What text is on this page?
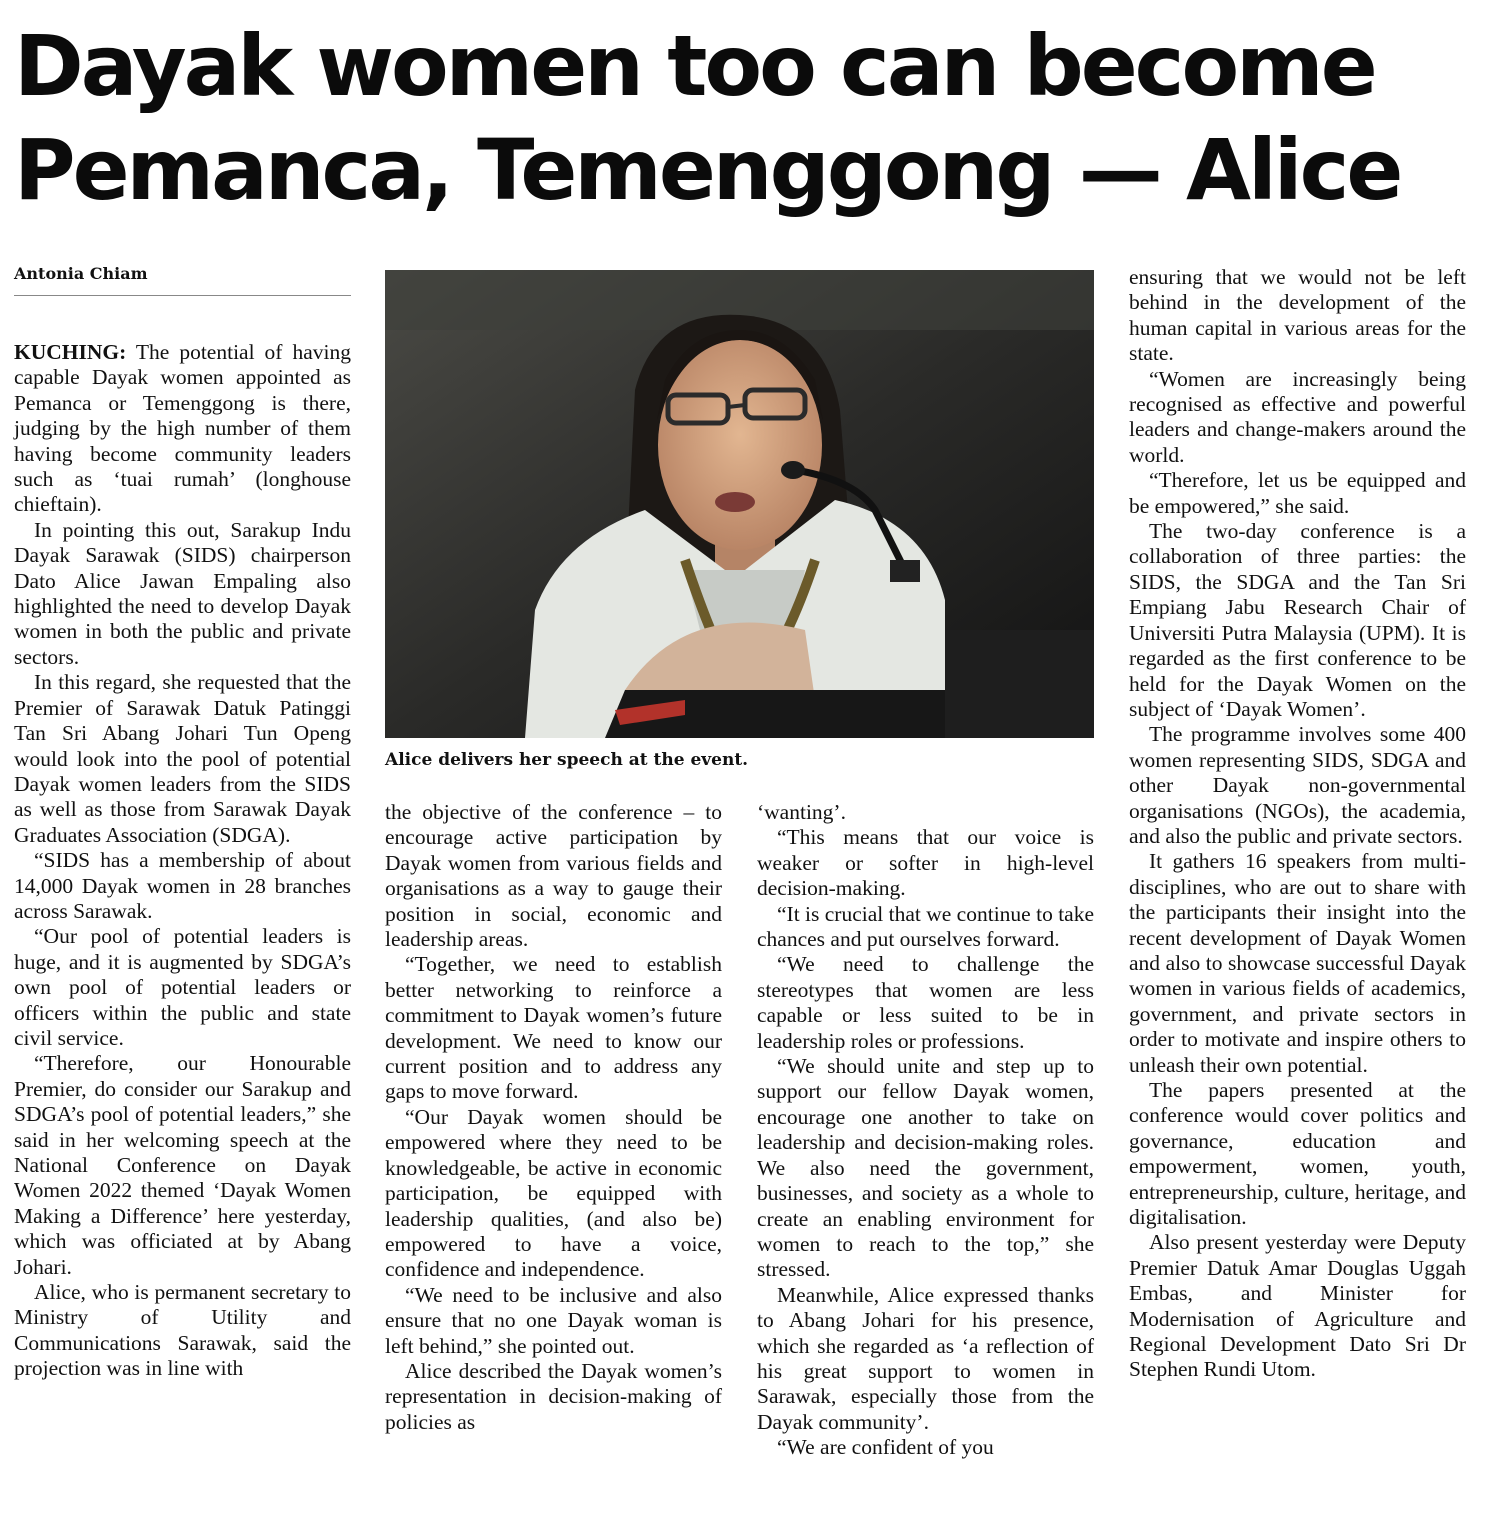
Dayak women too can become
Pemanca, Temenggong — Alice
Antonia Chiam

KUCHING: The potential of having capable Dayak women appointed as Pemanca or Temenggong is there, judging by the high number of them having become community leaders such as ‘tuai rumah’ (longhouse chieftain).

In pointing this out, Sarakup Indu Dayak Sarawak (SIDS) chairperson Dato Alice Jawan Empaling also highlighted the need to develop Dayak women in both the public and private sectors.

In this regard, she requested that the Premier of Sarawak Datuk Patinggi Tan Sri Abang Johari Tun Openg would look into the pool of potential Dayak women leaders from the SIDS as well as those from Sarawak Dayak Graduates Association (SDGA).

“SIDS has a membership of about 14,000 Dayak women in 28 branches across Sarawak.

“Our pool of potential leaders is huge, and it is augmented by SDGA’s own pool of potential leaders or officers within the public and state civil service.

“Therefore, our Honourable Premier, do consider our Sarakup and SDGA’s pool of potential leaders,” she said in her welcoming speech at the National Conference on Dayak Women 2022 themed ‘Dayak Women Making a Difference’ here yesterday, which was officiated at by Abang Johari.

Alice, who is permanent secretary to Ministry of Utility and Communications Sarawak, said the projection was in line with

Alice delivers her speech at the event.

the objective of the conference – to encourage active participation by Dayak women from various fields and organisations as a way to gauge their position in social, economic and leadership areas.

“Together, we need to establish better networking to reinforce a commitment to Dayak women’s future development. We need to know our current position and to address any gaps to move forward.

“Our Dayak women should be empowered where they need to be knowledgeable, be active in economic participation, be equipped with leadership qualities, (and also be) empowered to have a voice, confidence and independence.

“We need to be inclusive and also ensure that no one Dayak woman is left behind,” she pointed out.

Alice described the Dayak women’s representation in decision-making of policies as

‘wanting’.

“This means that our voice is weaker or softer in high-level decision-making.

“It is crucial that we continue to take chances and put ourselves forward.

“We need to challenge the stereotypes that women are less capable or less suited to be in leadership roles or professions.

“We should unite and step up to support our fellow Dayak women, encourage one another to take on leadership and decision-making roles. We also need the government, businesses, and society as a whole to create an enabling environment for women to reach to the top,” she stressed.

Meanwhile, Alice expressed thanks to Abang Johari for his presence, which she regarded as ‘a reflection of his great support to women in Sarawak, especially those from the Dayak community’.

“We are confident of you

ensuring that we would not be left behind in the development of the human capital in various areas for the state.

“Women are increasingly being recognised as effective and powerful leaders and change-makers around the world.

“Therefore, let us be equipped and be empowered,” she said.

The two-day conference is a collaboration of three parties: the SIDS, the SDGA and the Tan Sri Empiang Jabu Research Chair of Universiti Putra Malaysia (UPM). It is regarded as the first conference to be held for the Dayak Women on the subject of ‘Dayak Women’.

The programme involves some 400 women representing SIDS, SDGA and other Dayak non-governmental organisations (NGOs), the academia, and also the public and private sectors.

It gathers 16 speakers from multi-disciplines, who are out to share with the participants their insight into the recent development of Dayak Women and also to showcase successful Dayak women in various fields of academics, government, and private sectors in order to motivate and inspire others to unleash their own potential.

The papers presented at the conference would cover politics and governance, education and empowerment, women, youth, entrepreneurship, culture, heritage, and digitalisation.

Also present yesterday were Deputy Premier Datuk Amar Douglas Uggah Embas, and Minister for Modernisation of Agriculture and Regional Development Dato Sri Dr Stephen Rundi Utom.
